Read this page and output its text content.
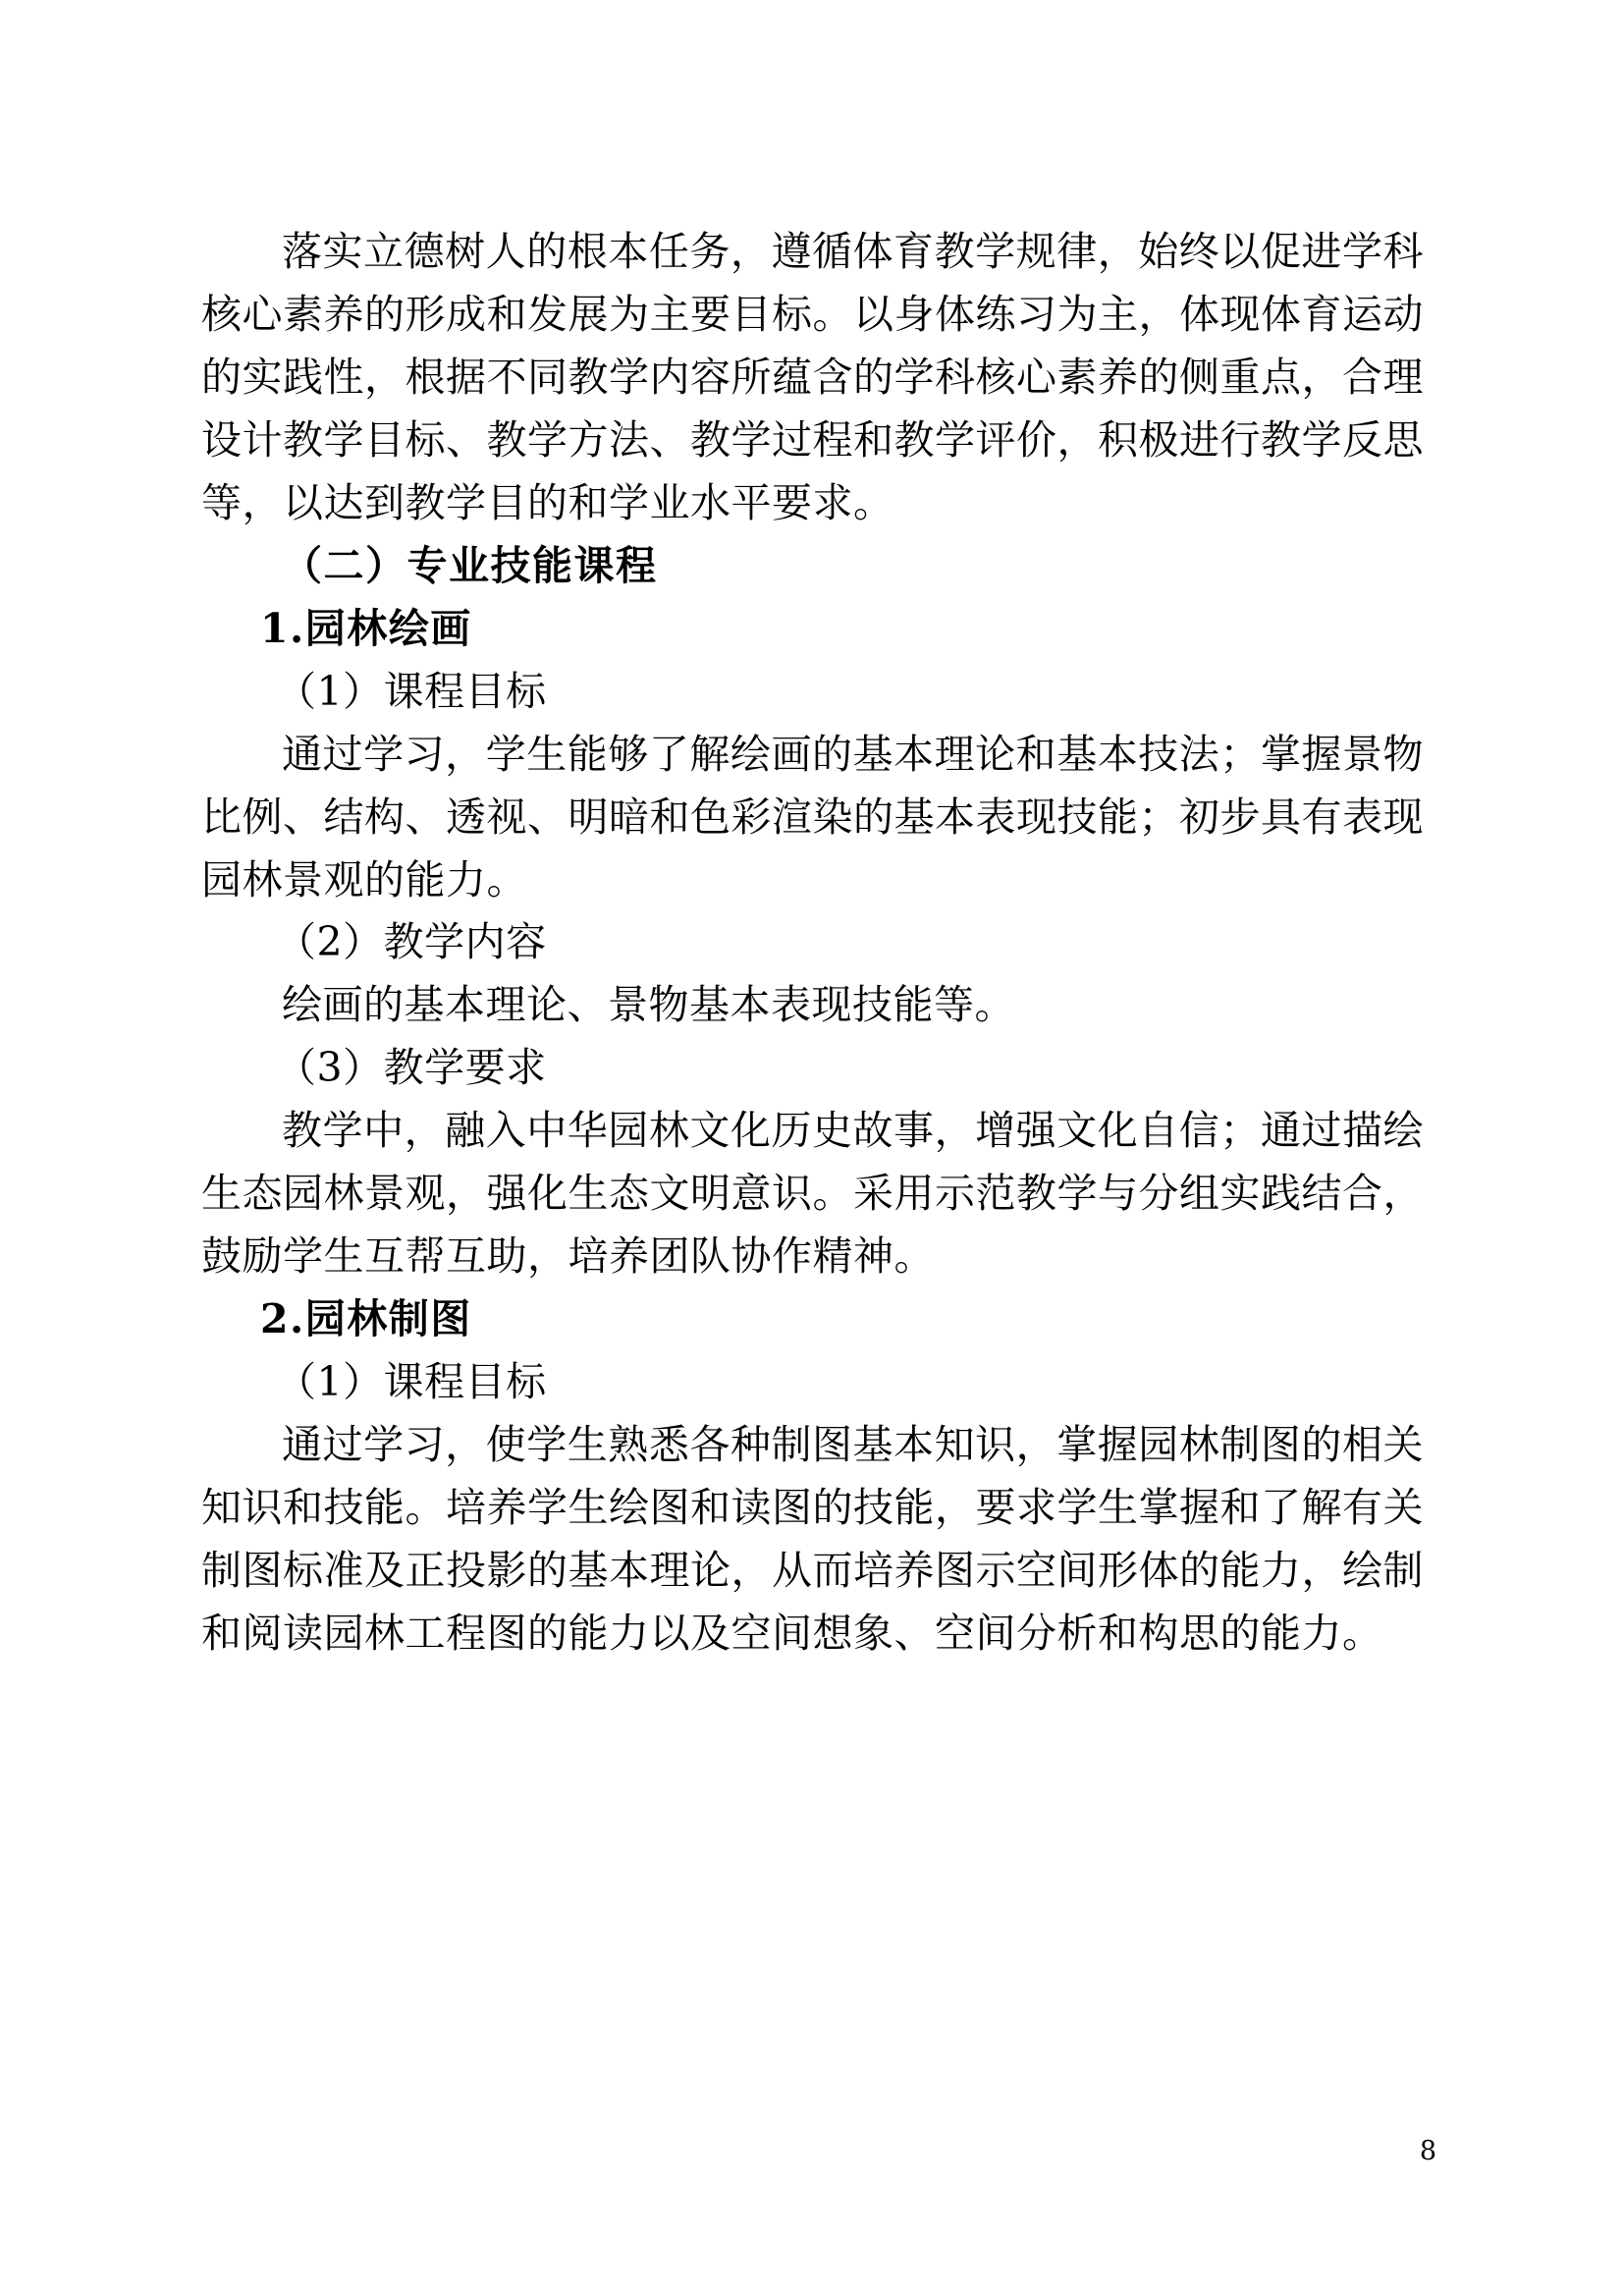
落实立德树人的根本任务，遵循体育教学规律，始终以促进学科核心素养的形成和发展为主要目标。以身体练习为主，体现体育运动的实践性，根据不同教学内容所蕴含的学科核心素养的侧重点，合理设计教学目标、教学方法、教学过程和教学评价，积极进行教学反思等，以达到教学目的和学业水平要求。

（二）专业技能课程

1.园林绘画

（1）课程目标

通过学习，学生能够了解绘画的基本理论和基本技法；掌握景物比例、结构、透视、明暗和色彩渲染的基本表现技能；初步具有表现园林景观的能力。

（2）教学内容

绘画的基本理论、景物基本表现技能等。

（3）教学要求

教学中，融入中华园林文化历史故事，增强文化自信；通过描绘生态园林景观，强化生态文明意识。采用示范教学与分组实践结合，鼓励学生互帮互助，培养团队协作精神。

2.园林制图

（1）课程目标

通过学习，使学生熟悉各种制图基本知识，掌握园林制图的相关知识和技能。培养学生绘图和读图的技能，要求学生掌握和了解有关制图标准及正投影的基本理论，从而培养图示空间形体的能力，绘制和阅读园林工程图的能力以及空间想象、空间分析和构思的能力。

8
